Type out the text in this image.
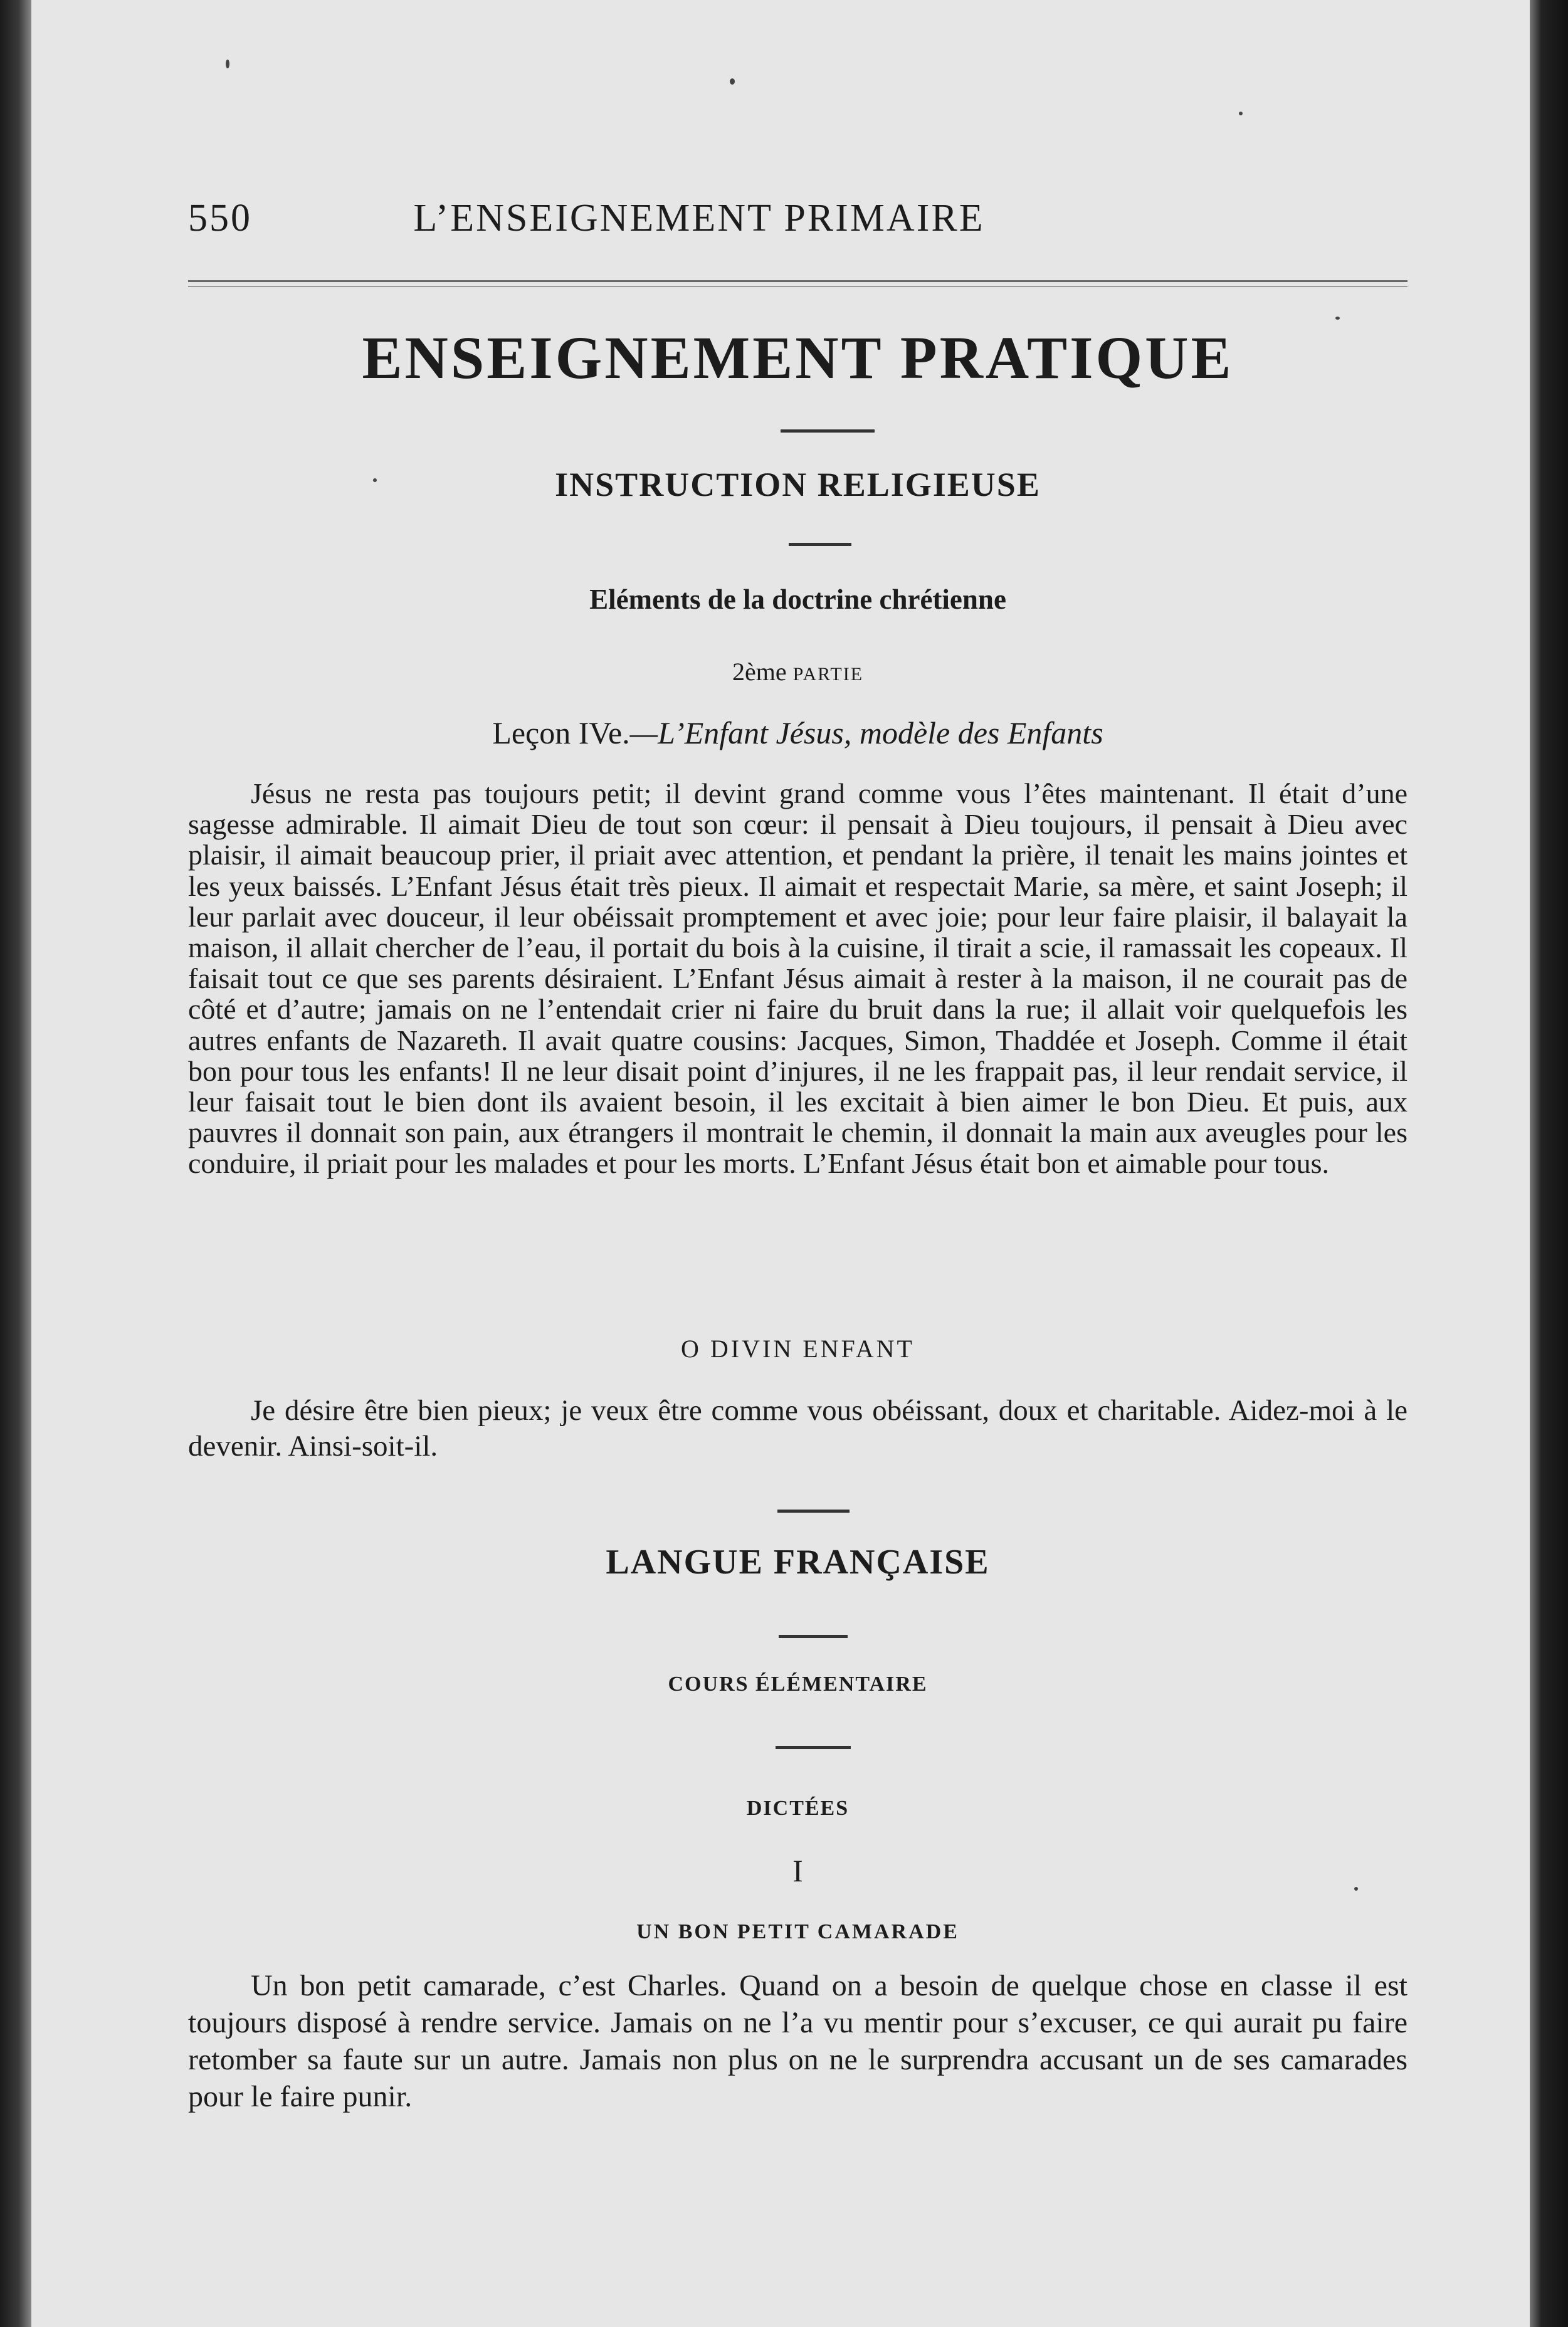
550	L’ENSEIGNEMENT PRIMAIRE
ENSEIGNEMENT PRATIQUE
INSTRUCTION RELIGIEUSE
Eléments de la doctrine chrétienne
2ème PARTIE
Leçon IVe.—L’Enfant Jésus, modèle des Enfants

Jésus ne resta pas toujours petit; il devint grand comme vous l’êtes maintenant. Il était d’une sagesse admirable. Il aimait Dieu de tout son cœur: il pensait à Dieu toujours, il pensait à Dieu avec plaisir, il aimait beaucoup prier, il priait avec attention, et pendant la prière, il tenait les mains jointes et les yeux baissés. L’Enfant Jésus était très pieux. Il aimait et respectait Marie, sa mère, et saint Joseph; il leur parlait avec douceur, il leur obéissait promptement et avec joie; pour leur faire plaisir, il balayait la maison, il allait chercher de l’eau, il portait du bois à la cuisine, il tirait a scie, il ramassait les copeaux. Il faisait tout ce que ses parents désiraient. L’Enfant Jésus aimait à rester à la maison, il ne courait pas de côté et d’autre; jamais on ne l’entendait crier ni faire du bruit dans la rue; il allait voir quelquefois les autres enfants de Nazareth. Il avait quatre cousins: Jacques, Simon, Thaddée et Joseph. Comme il était bon pour tous les enfants! Il ne leur disait point d’injures, il ne les frappait pas, il leur rendait service, il leur faisait tout le bien dont ils avaient besoin, il les excitait à bien aimer le bon Dieu. Et puis, aux pauvres il donnait son pain, aux étrangers il montrait le chemin, il donnait la main aux aveugles pour les conduire, il priait pour les malades et pour les morts. L’Enfant Jésus était bon et aimable pour tous.

O DIVIN ENFANT

Je désire être bien pieux; je veux être comme vous obéissant, doux et charitable. Aidez-moi à le devenir. Ainsi-soit-il.

LANGUE FRANÇAISE
COURS ÉLÉMENTAIRE
DICTÉES
I
UN BON PETIT CAMARADE

Un bon petit camarade, c’est Charles. Quand on a besoin de quelque chose en classe il est toujours disposé à rendre service. Jamais on ne l’a vu mentir pour s’excuser, ce qui aurait pu faire retomber sa faute sur un autre. Jamais non plus on ne le surprendra accusant un de ses camarades pour le faire punir.
